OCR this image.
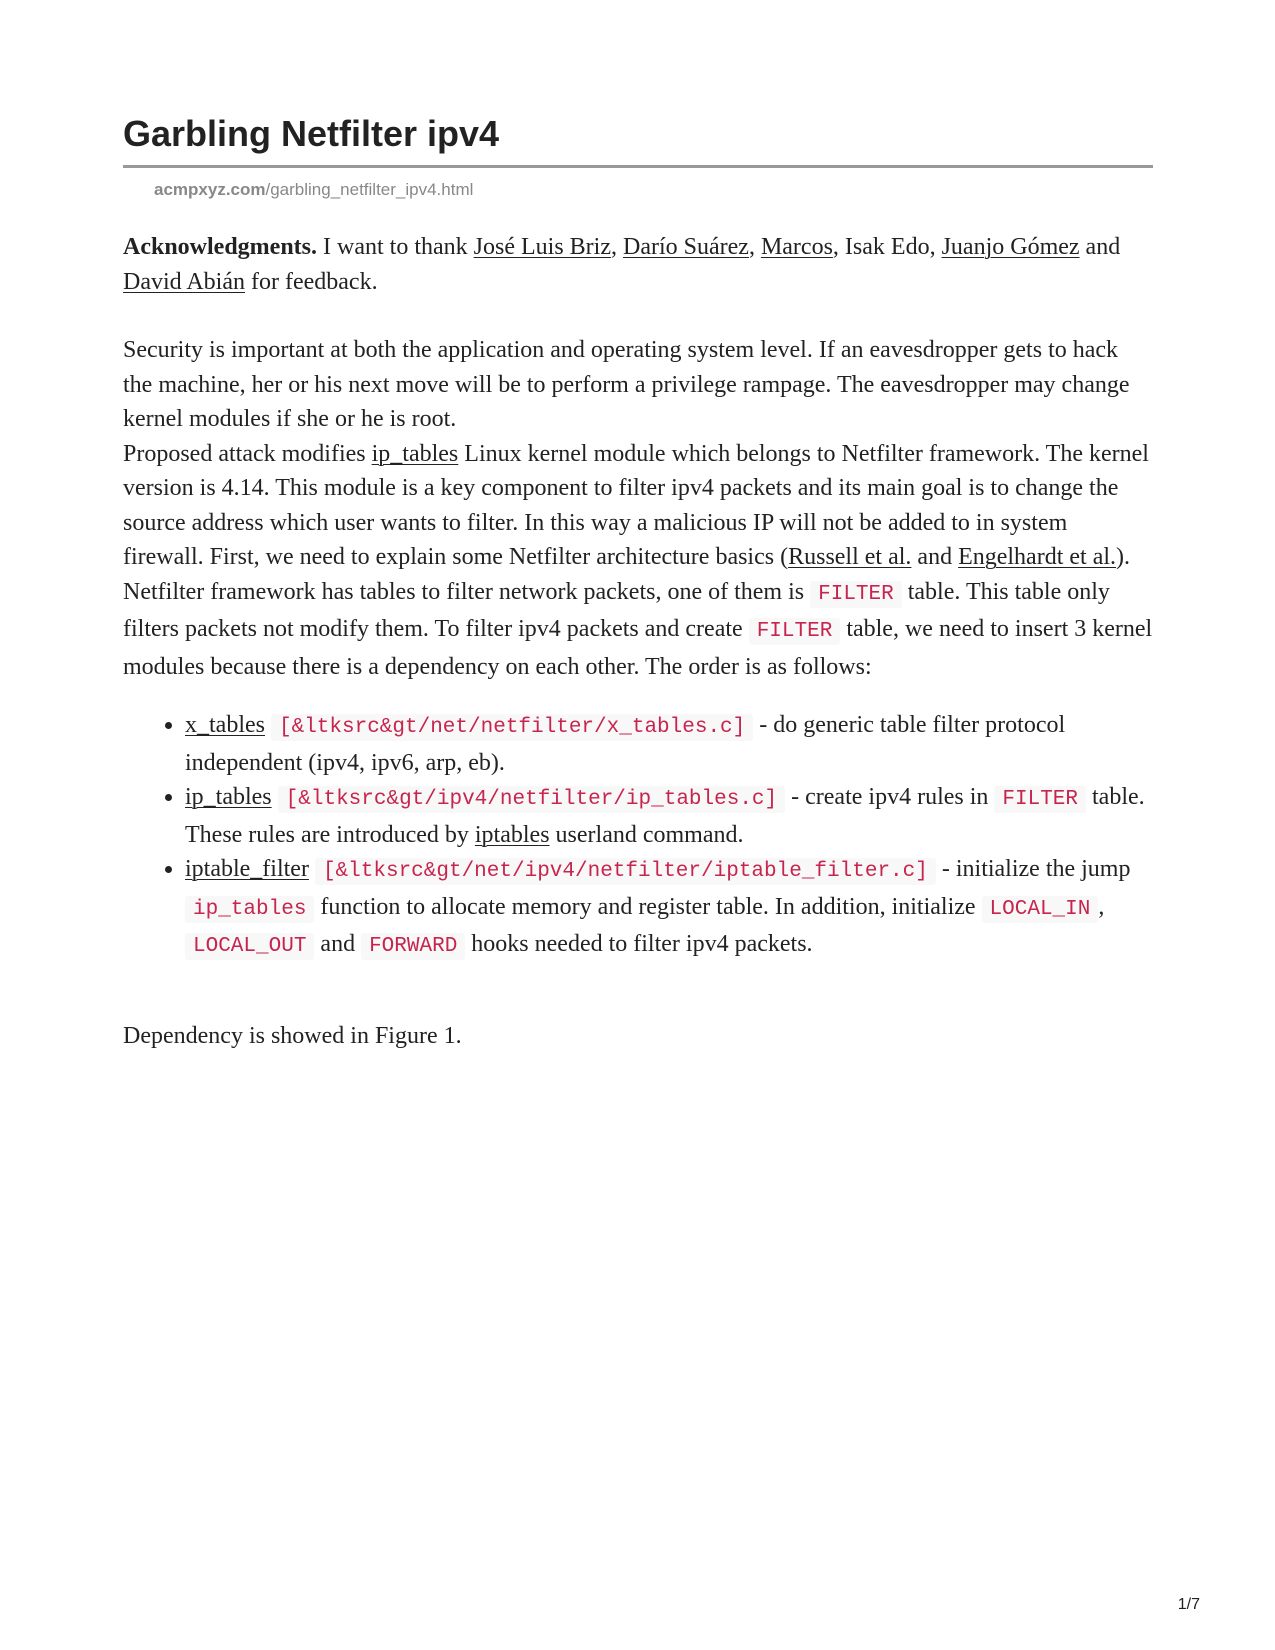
Garbling Netfilter ipv4
acmpxyz.com/garbling_netfilter_ipv4.html

Acknowledgments. I want to thank José Luis Briz, Darío Suárez, Marcos, Isak Edo, Juanjo Gómez and David Abián for feedback.

Security is important at both the application and operating system level. If an eavesdropper gets to hack the machine, her or his next move will be to perform a privilege rampage. The eavesdropper may change kernel modules if she or he is root.

Proposed attack modifies ip_tables Linux kernel module which belongs to Netfilter framework. The kernel version is 4.14. This module is a key component to filter ipv4 packets and its main goal is to change the source address which user wants to filter. In this way a malicious IP will not be added to in system firewall. First, we need to explain some Netfilter architecture basics (Russell et al. and Engelhardt et al.). Netfilter framework has tables to filter network packets, one of them is FILTER table. This table only filters packets not modify them. To filter ipv4 packets and create FILTER table, we need to insert 3 kernel modules because there is a dependency on each other. The order is as follows:

• x_tables [&ltksrc&gt/net/netfilter/x_tables.c] - do generic table filter protocol independent (ipv4, ipv6, arp, eb).
• ip_tables [&ltksrc&gt/ipv4/netfilter/ip_tables.c] - create ipv4 rules in FILTER table. These rules are introduced by iptables userland command.
• iptable_filter [&ltksrc&gt/net/ipv4/netfilter/iptable_filter.c] - initialize the jump ip_tables function to allocate memory and register table. In addition, initialize LOCAL_IN , LOCAL_OUT and FORWARD hooks needed to filter ipv4 packets.

Dependency is showed in Figure 1.

1/7
